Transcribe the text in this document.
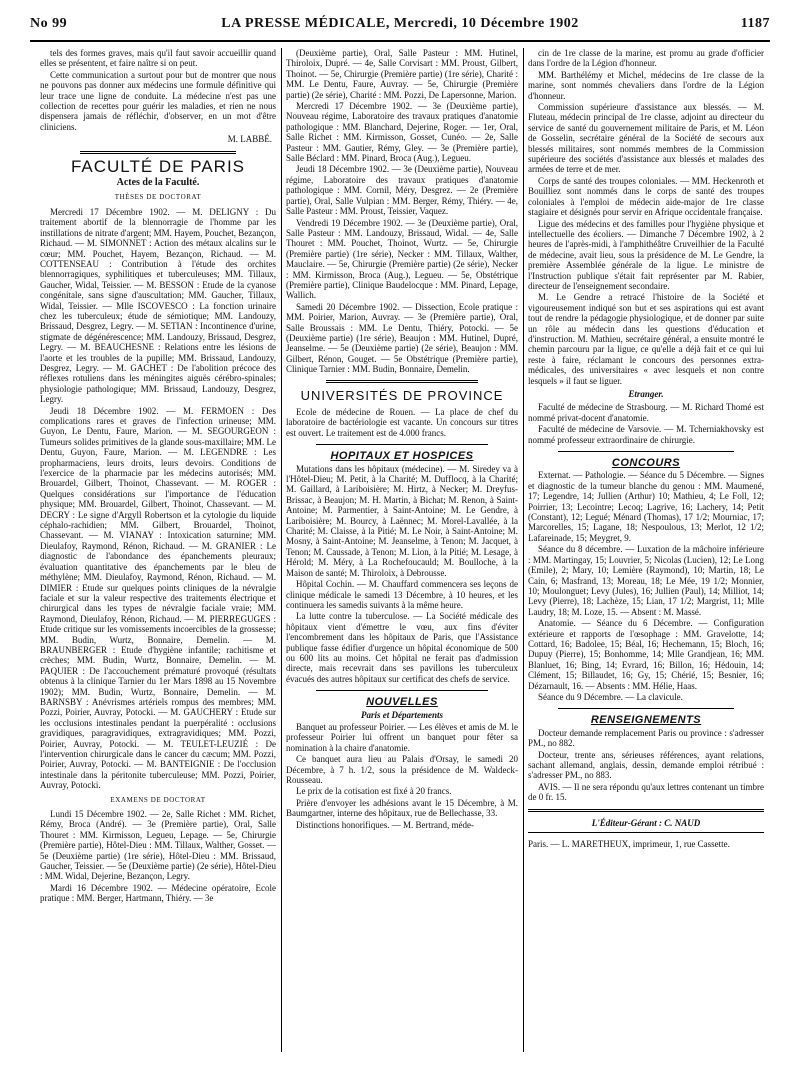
LA PRESSE MÉDICALE, Mercredi, 10 Décembre 1902
No 99	1187

tels des formes graves, mais qu'il faut savoir accueillir quand elles se présentent, et faire naître si on peut.

Cette communication a surtout pour but de montrer que nous ne pouvons pas donner aux médecins une formule définitive qui leur trace une ligne de conduite. La médecine n'est pas une collection de recettes pour guérir les maladies, et rien ne nous dispensera jamais de réfléchir, d'observer, en un mot d'être cliniciens.

M. LABBÉ.
FACULTÉ DE PARIS
Actes de la Faculté.
THÈSES DE DOCTORAT

Mercredi 17 Décembre 1902. — M. DELIGNY : Du traitement abortif de la blennorragie de l'homme par les instillations de nitrate d'argent; MM. Hayem, Pouchet, Bezançon, Richaud. — M. SIMONNET : Action des métaux alcalins sur le cœur; MM. Pouchet, Hayem, Bezançon, Richaud. — M. COTTENSEAU : Contribution à l'étude des orchites blennorragiques, syphilitiques et tuberculeuses; MM. Tillaux, Gaucher, Widal, Teissier. — M. BESSON : Etude de la cyanose congénitale, sans signe d'auscultation; MM. Gaucher, Tillaux, Widal, Teissier. — Mlle ISCOVESCO : La fonction urinaire chez les tuberculeux; étude de sémiotique; MM. Landouzy, Brissaud, Desgrez, Legry. — M. SETIAN : Incontinence d'urine, stigmate de dégénérescence; MM. Landouzy, Brissaud, Desgrez, Legry. — M. BEAUCHESNE : Relations entre les lésions de l'aorte et les troubles de la pupille; MM. Brissaud, Landouzy, Desgrez, Legry. — M. GACHET : De l'abolition précoce des réflexes rotuliens dans les méningites aiguës cérébro-spinales; physiologie pathologique; MM. Brissaud, Landouzy, Desgrez, Legry.

Jeudi 18 Décembre 1902. — M. FERMOEN : Des complications rares et graves de l'infection urineuse; MM. Guyon, Le Dentu, Faure, Marion. — M. SEGOURGEON : Tumeurs solides primitives de la glande sous-maxillaire; MM. Le Dentu, Guyon, Faure, Marion. — M. LEGENDRE : Les propharmaciens, leurs droits, leurs devoirs. Conditions de l'exercice de la pharmacie par les médecins autorisés; MM. Brouardel, Gilbert, Thoinot, Chassevant. — M. ROGER : Quelques considérations sur l'importance de l'éducation physique; MM. Brouardel, Gilbert, Thoinot, Chassevant. — M. DECRY : Le signe d'Argyll Robertson et la cytologie du liquide céphalo-rachidien; MM. Gilbert, Brouardel, Thoinot, Chassevant. — M. VIANAY : Intoxication saturnine; MM. Dieulafoy, Raymond, Rénon, Richaud. — M. GRANIER : Le diagnostic de l'abondance des épanchements pleuraux; évaluation quantitative des épanchements par le bleu de méthylène; MM. Dieulafoy, Raymond, Rénon, Richaud. — M. DIMIER : Etude sur quelques points cliniques de la névralgie faciale et sur la valeur respective des traitements électrique et chirurgical dans les types de névralgie faciale vraie; MM. Raymond, Dieulafoy, Rénon, Richaud. — M. PIERREGUGES : Etude critique sur les vomissements incoercibles de la grossesse; MM. Budin, Wurtz, Bonnaire, Demelin. — M. BRAUNBERGER : Etude d'hygiène infantile; rachitisme et crèches; MM. Budin, Wurtz, Bonnaire, Demelin. — M. PAQUIER : De l'accouchement prématuré provoqué (résultats obtenus à la clinique Tarnier du 1er Mars 1898 au 15 Novembre 1902); MM. Budin, Wurtz, Bonnaire, Demelin. — M. BARNSBY : Anévrismes artériels rompus des membres; MM. Pozzi, Poirier, Auvray, Potocki. — M. GAUCHERY : Etude sur les occlusions intestinales pendant la puerpéralité : occlusions gravidiques, paragravidiques, extragravidiques; MM. Pozzi, Poirier, Auvray, Potocki. — M. TEULET-LEUZIÉ : De l'intervention chirurgicale dans le cancer du cæcum; MM. Pozzi, Poirier, Auvray, Potocki. — M. BANTEIGNIE : De l'occlusion intestinale dans la péritonite tuberculeuse; MM. Pozzi, Poirier, Auvray, Potocki.

EXAMENS DE DOCTORAT

Lundi 15 Décembre 1902. — 2e, Salle Richet : MM. Richet, Rémy, Broca (André). — 3e (Première partie), Oral, Salle Thouret : MM. Kirmisson, Legueu, Lepage. — 5e, Chirurgie (Première partie), Hôtel-Dieu : MM. Tillaux, Walther, Gosset. — 5e (Deuxième partie) (1re série), Hôtel-Dieu : MM. Brissaud, Gaucher, Teissier. — 5e (Deuxième partie) (2e série), Hôtel-Dieu : MM. Widal, Dejerine, Bezançon, Legry.

Mardi 16 Décembre 1902. — Médecine opératoire, Ecole pratique : MM. Berger, Hartmann, Thiéry. — 3e

(Deuxième partie), Oral, Salle Pasteur : MM. Hutinel, Thiroloix, Dupré. — 4e, Salle Corvisart : MM. Proust, Gilbert, Thoinot. — 5e, Chirurgie (Première partie) (1re série), Charité : MM. Le Dentu, Faure, Auvray. — 5e, Chirurgie (Première partie) (2e série), Charité : MM. Pozzi, De Lapersonne, Marion.

Mercredi 17 Décembre 1902. — 3e (Deuxième partie), Nouveau régime, Laboratoire des travaux pratiques d'anatomie pathologique : MM. Blanchard, Dejerine, Roger. — 1er, Oral, Salle Richet : MM. Kirmisson, Gosset, Cunéo. — 2e, Salle Pasteur : MM. Gautier, Rémy, Gley. — 3e (Première partie), Salle Béclard : MM. Pinard, Broca (Aug.), Legueu.

Jeudi 18 Décembre 1902. — 3e (Deuxième partie), Nouveau régime, Laboratoire des travaux pratiques d'anatomie pathologique : MM. Cornil, Méry, Desgrez. — 2e (Première partie), Oral, Salle Vulpian : MM. Berger, Rémy, Thiéry. — 4e, Salle Pasteur : MM. Proust, Teissier, Vaquez.

Vendredi 19 Décembre 1902. — 3e (Deuxième partie), Oral, Salle Pasteur : MM. Landouzy, Brissaud, Widal. — 4e, Salle Thouret : MM. Pouchet, Thoinot, Wurtz. — 5e, Chirurgie (Première partie) (1re série), Necker : MM. Tillaux, Walther, Mauclaire. — 5e, Chirurgie (Première partie) (2e série), Necker : MM. Kirmisson, Broca (Aug.), Legueu. — 5e, Obstétrique (Première partie), Clinique Baudelocque : MM. Pinard, Lepage, Wallich.

Samedi 20 Décembre 1902. — Dissection, Ecole pratique : MM. Poirier, Marion, Auvray. — 3e (Première partie), Oral, Salle Broussais : MM. Le Dentu, Thiéry, Potocki. — 5e (Deuxième partie) (1re série), Beaujon : MM. Hutinel, Dupré, Jeanselme. — 5e (Deuxième partie) (2e série), Beaujon : MM. Gilbert, Rénon, Gouget. — 5e Obstétrique (Première partie), Clinique Tarnier : MM. Budin, Bonnaire, Demelin.

UNIVERSITÉS DE PROVINCE

Ecole de médecine de Rouen. — La place de chef du laboratoire de bactériologie est vacante. Un concours sur titres est ouvert. Le traitement est de 4.000 francs.

HOPITAUX ET HOSPICES

Mutations dans les hôpitaux (médecine). — M. Siredey va à l'Hôtel-Dieu; M. Petit, à la Charité; M. Dufflocq, à la Charité; M. Gaillard, à Lariboisière; M. Hirtz, à Necker; M. Dreyfus-Brissac, à Beaujon; M. H. Martin, à Bichat; M. Renon, à Saint-Antoine; M. Parmentier, à Saint-Antoine; M. Le Gendre, à Lariboisière; M. Bourcy, à Laënnec; M. Morel-Lavallée, à la Charité; M. Claisse, à la Pitié; M. Le Noir, à Saint-Antoine; M. Mosny, à Saint-Antoine; M. Jeanselme, à Tenon; M. Jacquet, à Tenon; M. Caussade, à Tenon; M. Lion, à la Pitié; M. Lesage, à Hérold; M. Méry, à La Rochefoucauld; M. Boulloche, à la Maison de santé; M. Thiroloix, à Debrousse.

Hôpital Cochin. — M. Chauffard commencera ses leçons de clinique médicale le samedi 13 Décembre, à 10 heures, et les continuera les samedis suivants à la même heure.

La lutte contre la tuberculose. — La Société médicale des hôpitaux vient d'émettre le vœu, aux fins d'éviter l'encombrement dans les hôpitaux de Paris, que l'Assistance publique fasse édifier d'urgence un hôpital économique de 500 ou 600 lits au moins. Cet hôpital ne ferait pas d'admission directe, mais recevrait dans ses pavillons les tuberculeux évacués des autres hôpitaux sur certificat des chefs de service.

NOUVELLES
Paris et Départements

Banquet au professeur Poirier. — Les élèves et amis de M. le professeur Poirier lui offrent un banquet pour fêter sa nomination à la chaire d'anatomie.

Ce banquet aura lieu au Palais d'Orsay, le samedi 20 Décembre, à 7 h. 1/2, sous la présidence de M. Waldeck-Rousseau.

Le prix de la cotisation est fixé à 20 francs.

Prière d'envoyer les adhésions avant le 15 Décembre, à M. Baumgartner, interne des hôpitaux, rue de Bellechasse, 33.

Distinctions honorifiques. — M. Bertrand, méde-

cin de 1re classe de la marine, est promu au grade d'officier dans l'ordre de la Légion d'honneur.

MM. Barthélémy et Michel, médecins de 1re classe de la marine, sont nommés chevaliers dans l'ordre de la Légion d'honneur.

Commission supérieure d'assistance aux blessés. — M. Fluteau, médecin principal de 1re classe, adjoint au directeur du service de santé du gouvernement militaire de Paris, et M. Léon de Gosselin, secrétaire général de la Société de secours aux blessés militaires, sont nommés membres de la Commission supérieure des sociétés d'assistance aux blessés et malades des armées de terre et de mer.

Corps de santé des troupes coloniales. — MM. Heckenroth et Bouilliez sont nommés dans le corps de santé des troupes coloniales à l'emploi de médecin aide-major de 1re classe stagiaire et désignés pour servir en Afrique occidentale française.

Ligue des médecins et des familles pour l'hygiène physique et intellectuelle des écoliers. — Dimanche 7 Décembre 1902, à 2 heures de l'après-midi, à l'amphithéâtre Cruveilhier de la Faculté de médecine, avait lieu, sous la présidence de M. Le Gendre, la première Assemblée générale de la ligue. Le ministre de l'Instruction publique s'était fait représenter par M. Rabier, directeur de l'enseignement secondaire.

M. Le Gendre a retracé l'histoire de la Société et vigoureusement indiqué son but et ses aspirations qui est avant tout de rendre la pédagogie physiologique, et de donner par suite un rôle au médecin dans les questions d'éducation et d'instruction. M. Mathieu, secrétaire général, a ensuite montré le chemin parcouru par la ligue, ce qu'elle a déjà fait et ce qui lui reste à faire, réclamant le concours des personnes extra-médicales, des universitaires « avec lesquels et non contre lesquels » il faut se liguer.

Etranger.

Faculté de médecine de Strasbourg. — M. Richard Thomé est nommé privat-docent d'anatomie.

Faculté de médecine de Varsovie. — M. Tcherniakhovsky est nommé professeur extraordinaire de chirurgie.

CONCOURS

Externat. — Pathologie. — Séance du 5 Décembre. — Signes et diagnostic de la tumeur blanche du genou : MM. Maumené, 17; Legendre, 14; Jullien (Arthur) 10; Mathieu, 4; Le Foll, 12; Poirrier, 13; Lecointre; Lecoq; Lagrive, 16; Lachery, 14; Petit (Constant), 12; Legué; Ménard (Thomas), 17 1/2; Mourniac, 17; Marcorelles, 15; Lagane, 18; Nespoulous, 13; Merlot, 12 1/2; Lafareinade, 15; Meygret, 9.

Séance du 8 décembre. — Luxation de la mâchoire inférieure : MM. Martingay, 15; Louvrier, 5; Nicolas (Lucien), 12; Le Long (Emile), 2; Mary, 10; Lemière (Raymond), 10; Martin, 18; Le Cain, 6; Masfrand, 13; Moreau, 18; Le Mée, 19 1/2; Monnier, 10; Moulonguet; Levy (Jules), 16; Jullien (Paul), 14; Milliot, 14; Levy (Pierre), 18; Lachèze, 15; Lian, 17 1/2; Margrist, 11; Mlle Laudry, 18; M. Loze, 15. — Absent : M. Massé.

Anatomie. — Séance du 6 Décembre. — Configuration extérieure et rapports de l'œsophage : MM. Gravelotte, 14; Cottard, 16; Badolee, 15; Béal, 16; Hechemann, 15; Bloch, 16; Dupuy (Pierre), 15; Bonhomme, 14; Mlle Grandjean, 16; MM. Blanluet, 16; Bing, 14; Evrard, 16; Billon, 16; Hédouin, 14; Clément, 15; Billaudet, 16; Gy, 15; Chérié, 15; Besnier, 16; Dézarnault, 16. — Absents : MM. Hélie, Haas.

Séance du 9 Décembre. — La clavicule.

RENSEIGNEMENTS

Docteur demande remplacement Paris ou province : s'adresser PM., no 882.

Docteur, trente ans, sérieuses références, ayant relations, sachant allemand, anglais, dessin, demande emploi rétribué : s'adresser PM., no 883.

AVIS. — Il ne sera répondu qu'aux lettres contenant un timbre de 0 fr. 15.

L'Éditeur-Gérant : C. NAUD
Paris. — L. MARETHEUX, imprimeur, 1, rue Cassette.
